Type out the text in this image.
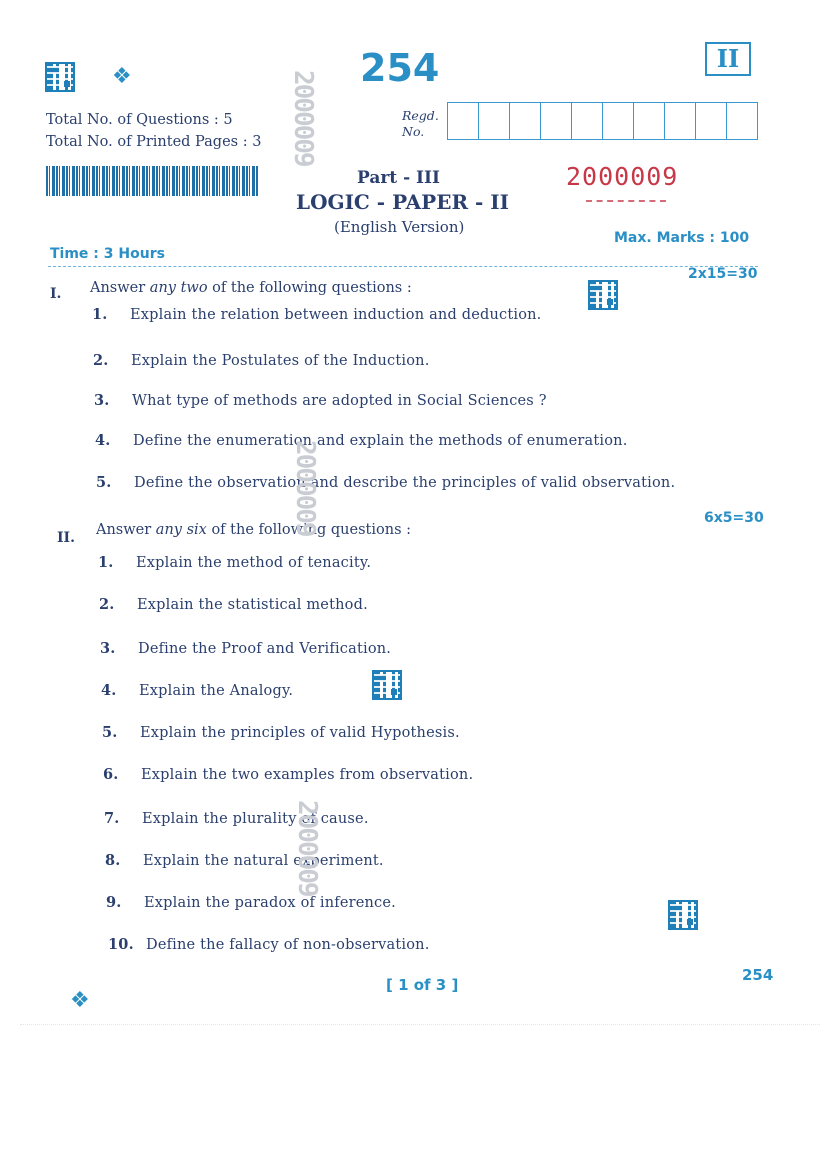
❖	254	II
Total No. of Questions : 5
Total No. of Printed Pages : 3
Regd.
No.
2000009
Part - III
LOGIC - PAPER - II
(English Version)
Time : 3 Hours
Max. Marks : 100
I. Answer any two of the following questions :
2x15=30
1. Explain the relation between induction and deduction.
2. Explain the Postulates of the Induction.
3. What type of methods are adopted in Social Sciences ?
4. Define the enumeration and explain the methods of enumeration.
5. Define the observation and describe the principles of valid observation.
II. Answer any six of the following questions :
6x5=30
1. Explain the method of tenacity.
2. Explain the statistical method.
3. Define the Proof and Verification.
4. Explain the Analogy.
5. Explain the principles of valid Hypothesis.
6. Explain the two examples from observation.
7. Explain the plurality of cause.
8. Explain the natural experiment.
9. Explain the paradox of inference.
10. Define the fallacy of non-observation.
[ 1 of 3 ]
254
❖
2000009
2000009
2000009
